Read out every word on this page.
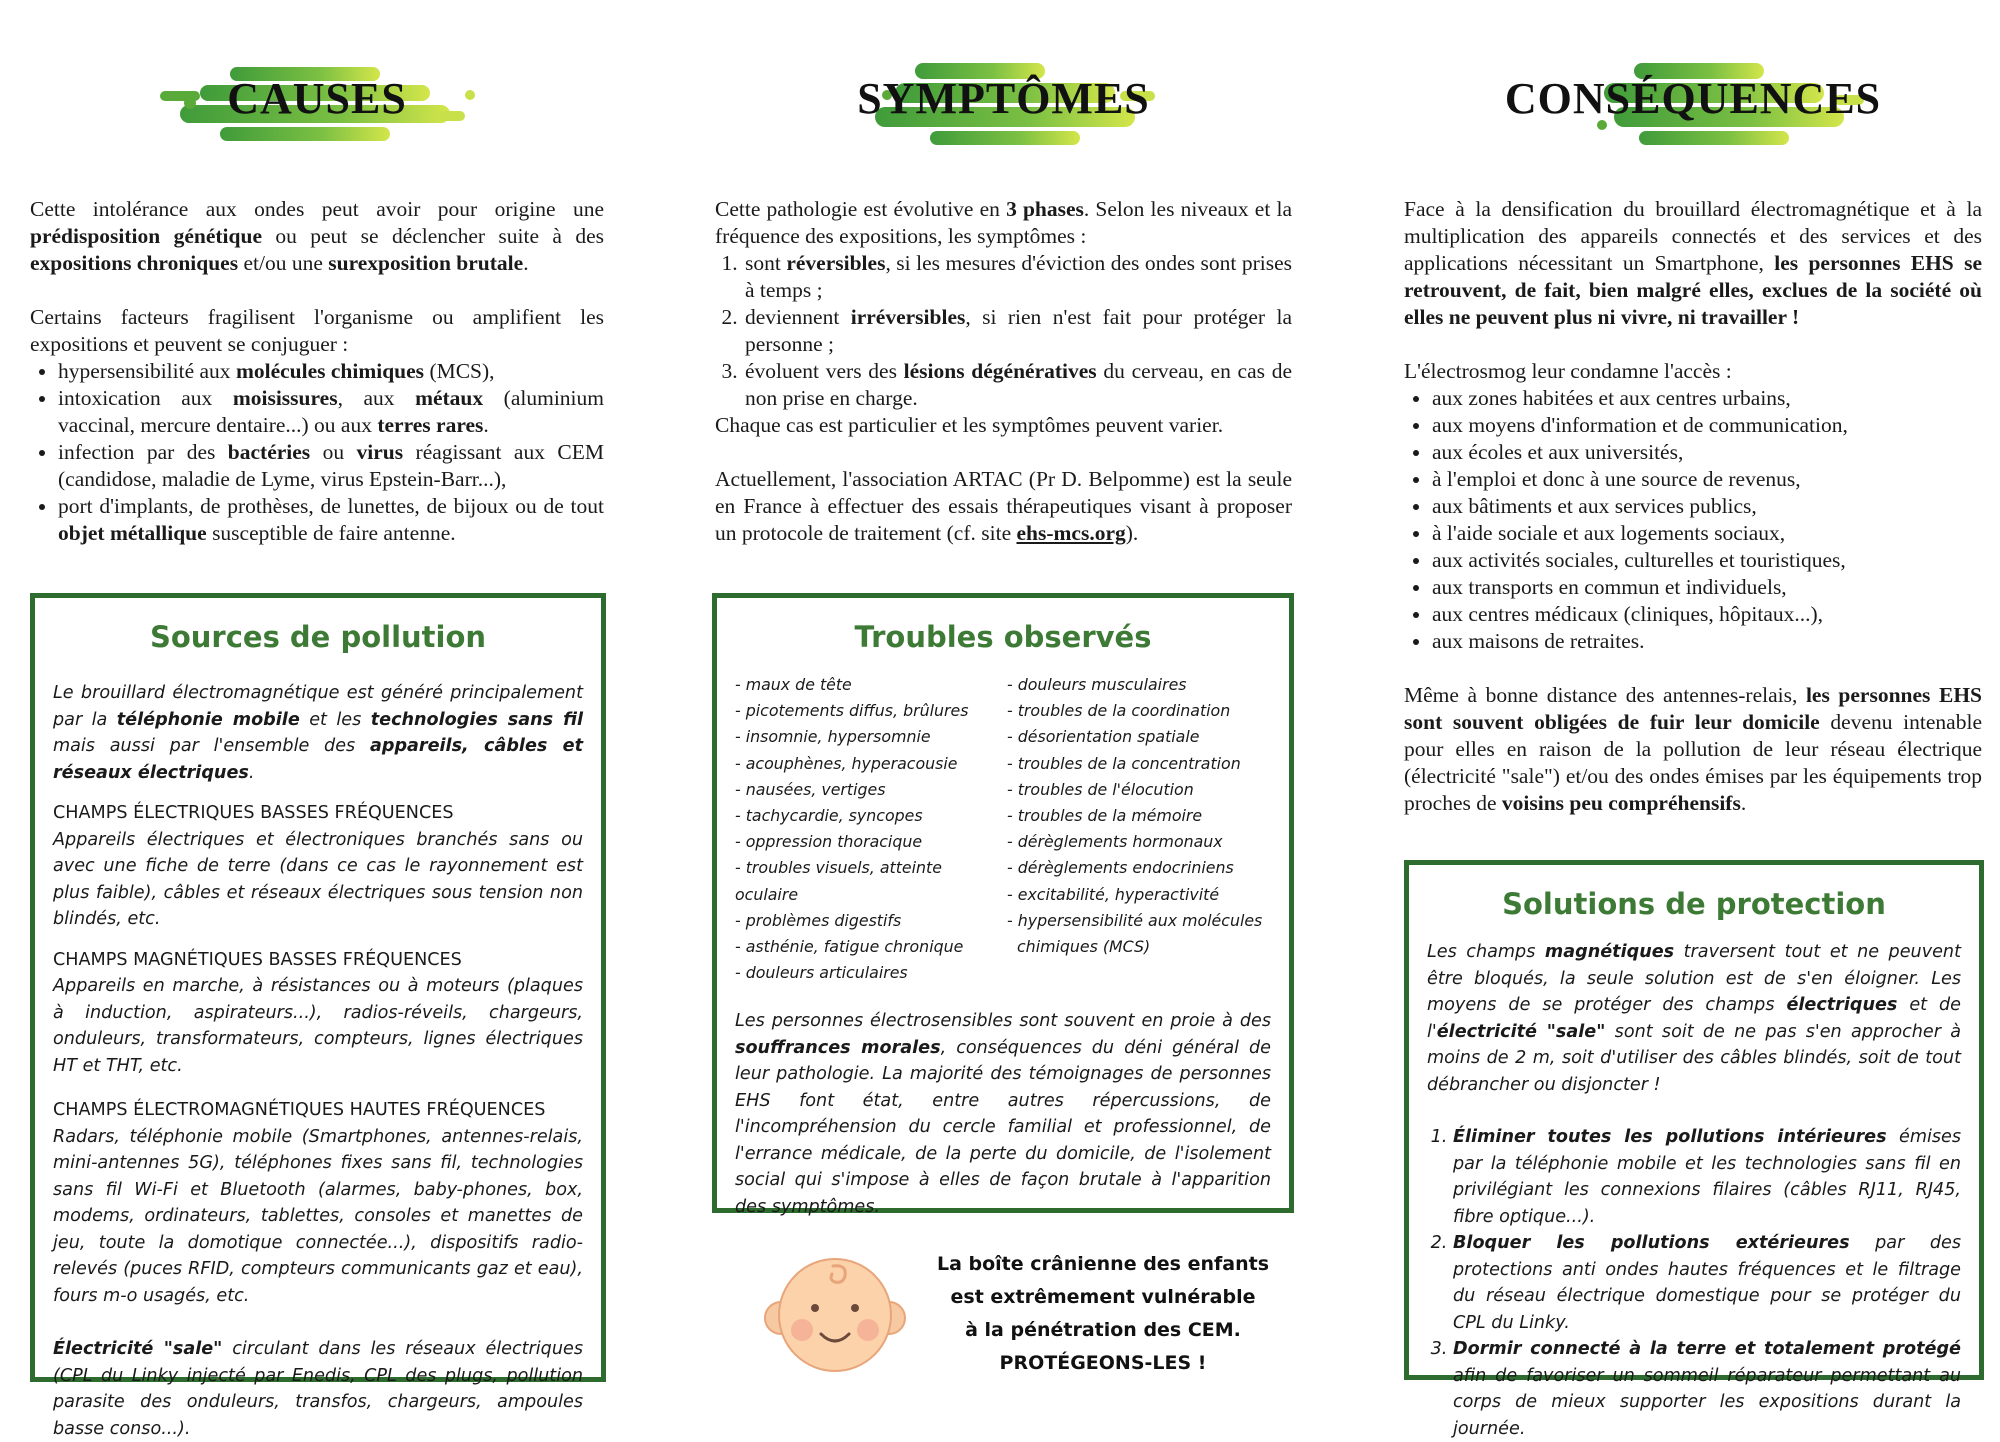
CAUSES

Cette intolérance aux ondes peut avoir pour origine une prédisposition génétique ou peut se déclencher suite à des expositions chroniques et/ou une surexposition brutale.

Certains facteurs fragilisent l'organisme ou amplifient les expositions et peuvent se conjuguer :

• hypersensibilité aux molécules chimiques (MCS),
• intoxication aux moisissures, aux métaux (aluminium vaccinal, mercure dentaire...) ou aux terres rares.
• infection par des bactéries ou virus réagissant aux CEM (candidose, maladie de Lyme, virus Epstein-Barr...),
• port d'implants, de prothèses, de lunettes, de bijoux ou de tout objet métallique susceptible de faire antenne.
Sources de pollution

Le brouillard électromagnétique est généré principalement par la téléphonie mobile et les technologies sans fil mais aussi par l'ensemble des appareils, câbles et réseaux électriques.

CHAMPS ÉLECTRIQUES BASSES FRÉQUENCES

Appareils électriques et électroniques branchés sans ou avec une fiche de terre (dans ce cas le rayonnement est plus faible), câbles et réseaux électriques sous tension non blindés, etc.

CHAMPS MAGNÉTIQUES BASSES FRÉQUENCES

Appareils en marche, à résistances ou à moteurs (plaques à induction, aspirateurs...), radios-réveils, chargeurs, onduleurs, transformateurs, compteurs, lignes électriques HT et THT, etc.

CHAMPS ÉLECTROMAGNÉTIQUES HAUTES FRÉQUENCES

Radars, téléphonie mobile (Smartphones, antennes-relais, mini-antennes 5G), téléphones fixes sans fil, technologies sans fil Wi-Fi et Bluetooth (alarmes, baby-phones, box, modems, ordinateurs, tablettes, consoles et manettes de jeu, toute la domotique connectée...), dispositifs radio-relevés (puces RFID, compteurs communicants gaz et eau), fours m-o usagés, etc.

Électricité "sale" circulant dans les réseaux électriques (CPL du Linky injecté par Enedis, CPL des plugs, pollution parasite des onduleurs, transfos, chargeurs, ampoules basse conso...).

SYMPTÔMES

Cette pathologie est évolutive en 3 phases. Selon les niveaux et la fréquence des expositions, les symptômes :

1. sont réversibles, si les mesures d'éviction des ondes sont prises à temps ;
2. deviennent irréversibles, si rien n'est fait pour protéger la personne ;
3. évoluent vers des lésions dégénératives du cerveau, en cas de non prise en charge.

Chaque cas est particulier et les symptômes peuvent varier.

Actuellement, l'association ARTAC (Pr D. Belpomme) est la seule en France à effectuer des essais thérapeutiques visant à proposer un protocole de traitement (cf. site ehs-mcs.org).

Troubles observés
- maux de tête
- picotements diffus, brûlures
- insomnie, hypersomnie
- acouphènes, hyperacousie
- nausées, vertiges
- tachycardie, syncopes
- oppression thoracique
- troubles visuels, atteinte oculaire
- problèmes digestifs
- asthénie, fatigue chronique
- douleurs articulaires
- douleurs musculaires
- troubles de la coordination
- désorientation spatiale
- troubles de la concentration
- troubles de l'élocution
- troubles de la mémoire
- dérèglements hormonaux
- dérèglements endocriniens
- excitabilité, hyperactivité
- hypersensibilité aux molécules
chimiques (MCS)

Les personnes électrosensibles sont souvent en proie à des souffrances morales, conséquences du déni général de leur pathologie. La majorité des témoignages de personnes EHS font état, entre autres répercussions, de l'incompréhension du cercle familial et professionnel, de l'errance médicale, de la perte du domicile, de l'isolement social qui s'impose à elles de façon brutale à l'apparition des symptômes.

La boîte crânienne des enfants
est extrêmement vulnérable
à la pénétration des CEM.
PROTÉGEONS-LES !
CONSÉQUENCES

Face à la densification du brouillard électromagnétique et à la multiplication des appareils connectés et des services et des applications nécessitant un Smartphone, les personnes EHS se retrouvent, de fait, bien malgré elles, exclues de la société où elles ne peuvent plus ni vivre, ni travailler !

L'électrosmog leur condamne l'accès :

• aux zones habitées et aux centres urbains,
• aux moyens d'information et de communication,
• aux écoles et aux universités,
• à l'emploi et donc à une source de revenus,
• aux bâtiments et aux services publics,
• à l'aide sociale et aux logements sociaux,
• aux activités sociales, culturelles et touristiques,
• aux transports en commun et individuels,
• aux centres médicaux (cliniques, hôpitaux...),
• aux maisons de retraites.

Même à bonne distance des antennes-relais, les personnes EHS sont souvent obligées de fuir leur domicile devenu intenable pour elles en raison de la pollution de leur réseau électrique (électricité "sale") et/ou des ondes émises par les équipements trop proches de voisins peu compréhensifs.

Solutions de protection

Les champs magnétiques traversent tout et ne peuvent être bloqués, la seule solution est de s'en éloigner. Les moyens de se protéger des champs électriques et de l'électricité "sale" sont soit de ne pas s'en approcher à moins de 2 m, soit d'utiliser des câbles blindés, soit de tout débrancher ou disjoncter !

1. Éliminer toutes les pollutions intérieures émises par la téléphonie mobile et les technologies sans fil en privilégiant les connexions filaires (câbles RJ11, RJ45, fibre optique...).
2. Bloquer les pollutions extérieures par des protections anti ondes hautes fréquences et le filtrage du réseau électrique domestique pour se protéger du CPL du Linky.
3. Dormir connecté à la terre et totalement protégé afin de favoriser un sommeil réparateur permettant au corps de mieux supporter les expositions durant la journée.
